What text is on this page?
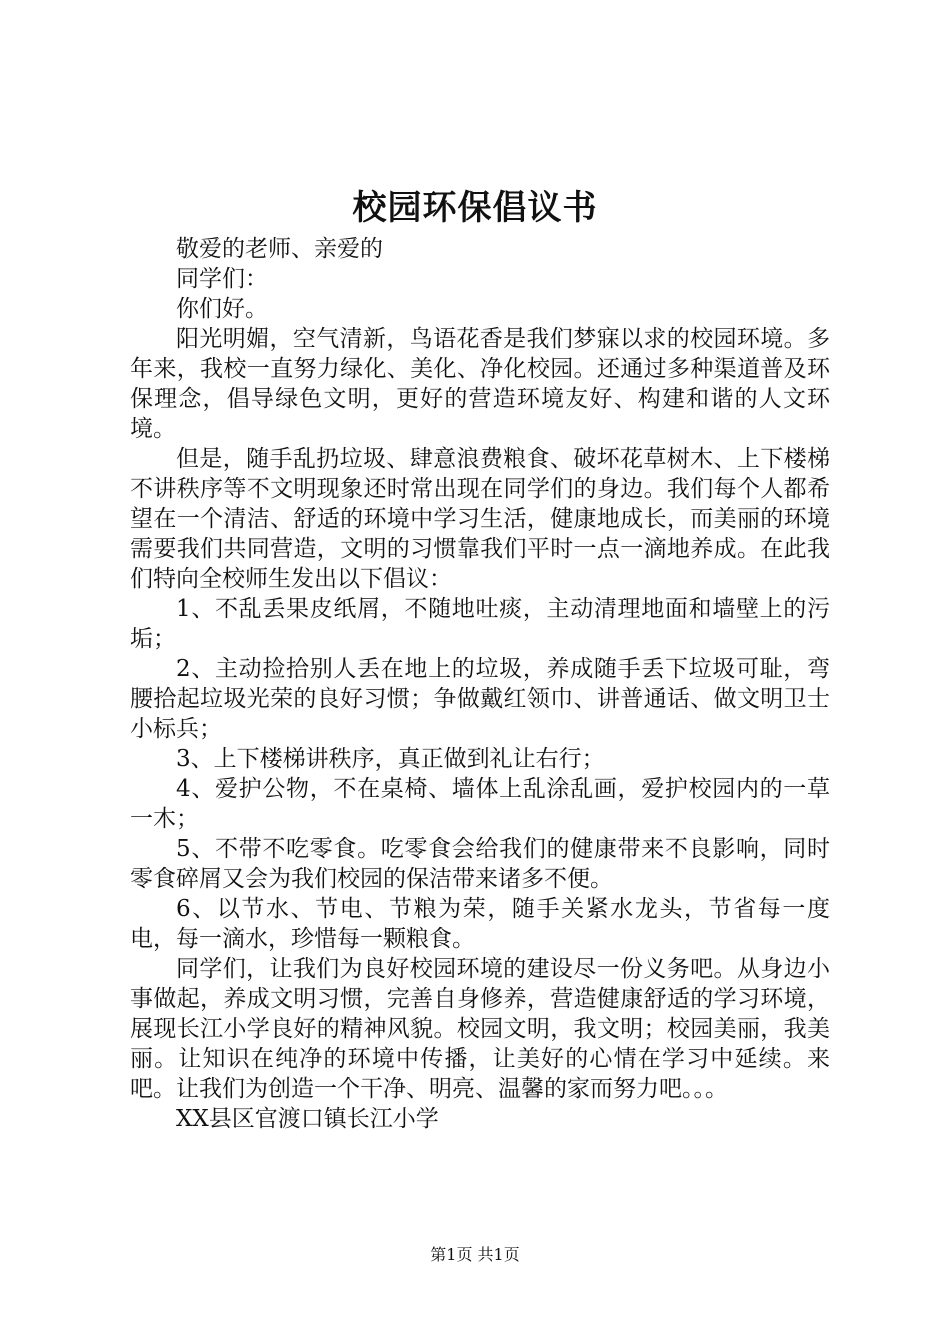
校园环保倡议书

敬爱的老师、亲爱的

同学们：

你们好。

阳光明媚，空气清新，鸟语花香是我们梦寐以求的校园环境。多年来，我校一直努力绿化、美化、净化校园。还通过多种渠道普及环保理念，倡导绿色文明，更好的营造环境友好、构建和谐的人文环境。

但是，随手乱扔垃圾、肆意浪费粮食、破坏花草树木、上下楼梯不讲秩序等不文明现象还时常出现在同学们的身边。我们每个人都希望在一个清洁、舒适的环境中学习生活，健康地成长，而美丽的环境需要我们共同营造，文明的习惯靠我们平时一点一滴地养成。在此我们特向全校师生发出以下倡议：

1、不乱丢果皮纸屑，不随地吐痰，主动清理地面和墙壁上的污垢；

2、主动捡拾别人丢在地上的垃圾，养成随手丢下垃圾可耻，弯腰拾起垃圾光荣的良好习惯；争做戴红领巾、讲普通话、做文明卫士小标兵；

3、上下楼梯讲秩序，真正做到礼让右行；

4、爱护公物，不在桌椅、墙体上乱涂乱画，爱护校园内的一草一木；

5、不带不吃零食。吃零食会给我们的健康带来不良影响，同时零食碎屑又会为我们校园的保洁带来诸多不便。

6、以节水、节电、节粮为荣，随手关紧水龙头，节省每一度电，每一滴水，珍惜每一颗粮食。

同学们，让我们为良好校园环境的建设尽一份义务吧。从身边小事做起，养成文明习惯，完善自身修养，营造健康舒适的学习环境，展现长江小学良好的精神风貌。校园文明，我文明；校园美丽，我美丽。让知识在纯净的环境中传播，让美好的心情在学习中延续。来吧。让我们为创造一个干净、明亮、温馨的家而努力吧。。。

XX县区官渡口镇长江小学

第1页 共1页
